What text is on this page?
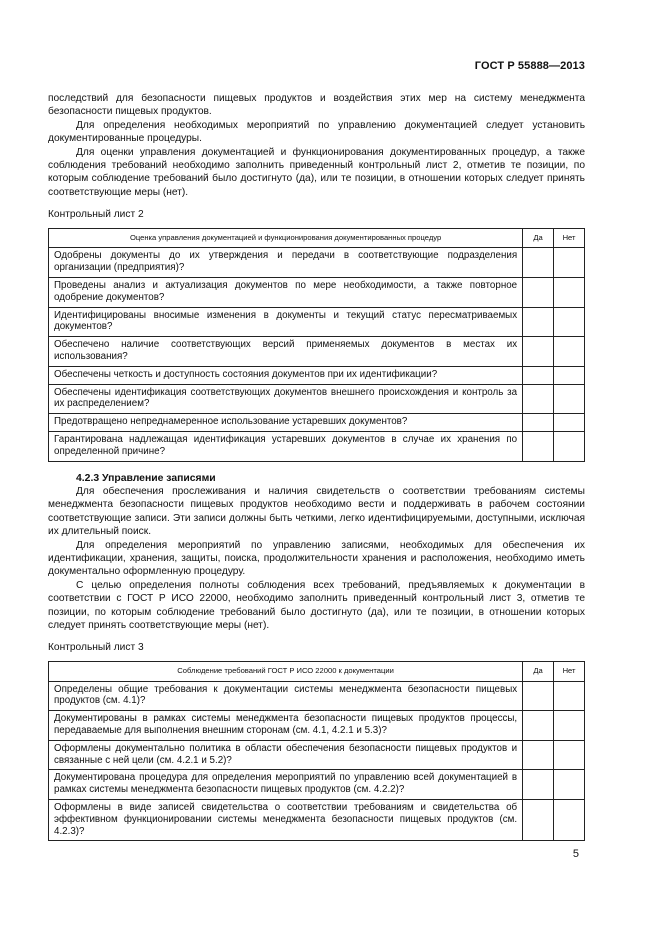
ГОСТ Р 55888—2013

последствий для безопасности пищевых продуктов и воздействия этих мер на систему менеджмента безопасности пищевых продуктов.

Для определения необходимых мероприятий по управлению документацией следует установить документированные процедуры.

Для оценки управления документацией и функционирования документированных процедур, а также соблюдения требований необходимо заполнить приведенный контрольный лист 2, отметив те позиции, по которым соблюдение требований было достигнуто (да), или те позиции, в отношении которых следует принять соответствующие меры (нет).

Контрольный лист 2

Оценка управления документацией и функционирования документированных процедур	Да	Нет
Одобрены документы до их утверждения и передачи в соответствующие подразделения организации (предприятия)?		
Проведены анализ и актуализация документов по мере необходимости, а также повторное одобрение документов?		
Идентифицированы вносимые изменения в документы и текущий статус пересматриваемых документов?		
Обеспечено наличие соответствующих версий применяемых документов в местах их использования?		
Обеспечены четкость и доступность состояния документов при их идентификации?		
Обеспечены идентификация соответствующих документов внешнего происхождения и контроль за их распределением?		
Предотвращено непреднамеренное использование устаревших документов?		
Гарантирована надлежащая идентификация устаревших документов в случае их хранения по определенной причине?		
4.2.3 Управление записями

Для обеспечения прослеживания и наличия свидетельств о соответствии требованиям системы менеджмента безопасности пищевых продуктов необходимо вести и поддерживать в рабочем состоянии соответствующие записи. Эти записи должны быть четкими, легко идентифицируемыми, доступными, исключая их длительный поиск.

Для определения мероприятий по управлению записями, необходимых для обеспечения их идентификации, хранения, защиты, поиска, продолжительности хранения и расположения, необходимо иметь документально оформленную процедуру.

С целью определения полноты соблюдения всех требований, предъявляемых к документации в соответствии с ГОСТ Р ИСО 22000, необходимо заполнить приведенный контрольный лист 3, отметив те позиции, по которым соблюдение требований было достигнуто (да), или те позиции, в отношении которых следует принять соответствующие меры (нет).

Контрольный лист 3

Соблюдение требований ГОСТ Р ИСО 22000 к документации	Да	Нет
Определены общие требования к документации системы менеджмента безопасности пищевых продуктов (см. 4.1)?		
Документированы в рамках системы менеджмента безопасности пищевых продуктов процессы, передаваемые для выполнения внешним сторонам (см. 4.1, 4.2.1 и 5.3)?		
Оформлены документально политика в области обеспечения безопасности пищевых продуктов и связанные с ней цели (см. 4.2.1 и 5.2)?		
Документирована процедура для определения мероприятий по управлению всей документацией в рамках системы менеджмента безопасности пищевых продуктов (см. 4.2.2)?		
Оформлены в виде записей свидетельства о соответствии требованиям и свидетельства об эффективном функционировании системы менеджмента безопасности пищевых продуктов (см. 4.2.3)?		
5
